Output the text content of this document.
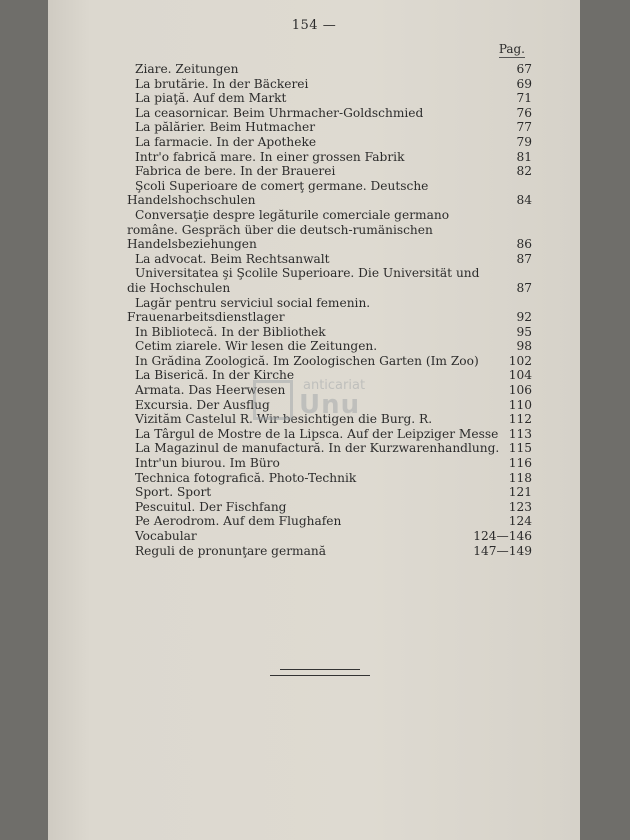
154 —
Pag.
Ziare. Zeitungen	67
La brutărie. In der Bäckerei	69
La piaţă. Auf dem Markt	71
La ceasornicar. Beim Uhrmacher-Goldschmied	76
La pălărier. Beim Hutmacher	77
La farmacie. In der Apotheke	79
Intr'o fabrică mare. In einer grossen Fabrik	81
Fabrica de bere. In der Brauerei	82
Şcoli Superioare de comerţ germane. Deutsche Handelshochschulen	84
Conversaţie despre legăturile comerciale germano române. Gespräch über die deutsch-rumänischen Handelsbeziehungen	86
La advocat. Beim Rechtsanwalt	87
Universitatea şi Şcolile Superioare. Die Universität und die Hochschulen	87
Lagăr pentru serviciul social femenin. Frauenarbeitsdienstlager	92
In Bibliotecă. In der Bibliothek	95
Cetim ziarele. Wir lesen die Zeitungen.	98
In Grădina Zoologică. Im Zoologischen Garten (Im Zoo)	102
La Biserică. In der Kirche	104
Armata. Das Heerwesen	106
Excursia. Der Ausflug	110
Vizităm Castelul R. Wir besichtigen die Burg. R.	112
La Târgul de Mostre de la Lipsca. Auf der Leipziger Messe 113
La Magazinul de manufactură. In der Kurzwarenhandlung. 115
Intr'un biurou. Im Büro	116
Technica fotografică. Photo-Technik	118
Sport. Sport	121
Pescuitul. Der Fischfang	123
Pe Aerodrom. Auf dem Flughafen	124
Vocabular	124—146
Reguli de pronunţare germană	147—149
anticariat
Unu
